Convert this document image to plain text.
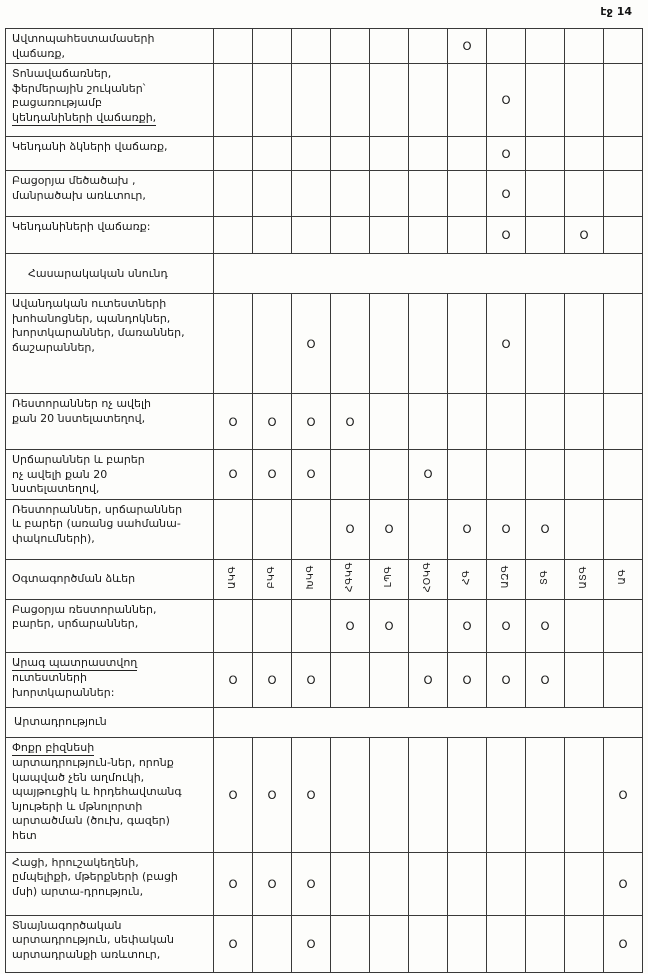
էջ 14
Ավտոպահեստամասերի
վաճառք,							O				

Տոնավաճառներ,
ֆերմերային շուկաներ՝
բացառությամբ
կենդանիների վաճառքի,								O			

Կենդանի ձկների վաճառք,								O			

Բացօրյա մեծածախ ,
մանրածախ առևտուր,								O			

Կենդանիների վաճառք:								O		O	

Հասարակական սնունդ											

Ավանդական ուտեստների
խոհանոցներ, պանդոկներ,
խորտկարաններ, մառաններ,
ճաշարաններ,			O					O			

Ռեստորաններ ոչ ավելի
քան 20 նստելատեղով,	O	O	O	O							

Սրճարաններ և բարեր
ոչ ավելի քան 20
նստելատեղով,	O	O	O			O					

Ռեստորաններ, սրճարաններ
և բարեր (առանց սահմանա-
փակումների),				O	O		O	O	O		

Օգտագործման ձևեր	ԱԿԳ	ԲԿԳ	ԽԿԳ	ՀԳԿԳ	ԼՊԳ	ՀՕԿԳ	ՀԳ	ԱԶԳ	ՏԳ	ԱՏԳ	ԱԳ

Բացօրյա ռեստորաններ,
բարեր, սրճարաններ,				O	O		O	O	O		

Արագ պատրաստվող
ուտեստների
խորտկարաններ:	O	O	O			O	O	O	O		

Արտադրություն											

Փոքր բիզնեսի
արտադրություն-ներ, որոնք
կապված չեն աղմուկի,
պայթուցիկ և հրդեհավտանգ
նյութերի և մթնոլորտի
արտածման (ծուխ, գազեր)
հետ
	O	O	O								O

Հացի, հրուշակեղենի,
ըմպելիքի, մթերքների (բացի
մսի) արտա-դրություն,	O	O	O								O

Տնայնագործական
արտադրություն, սեփական
արտադրանքի առևտուր,	O		O								O
